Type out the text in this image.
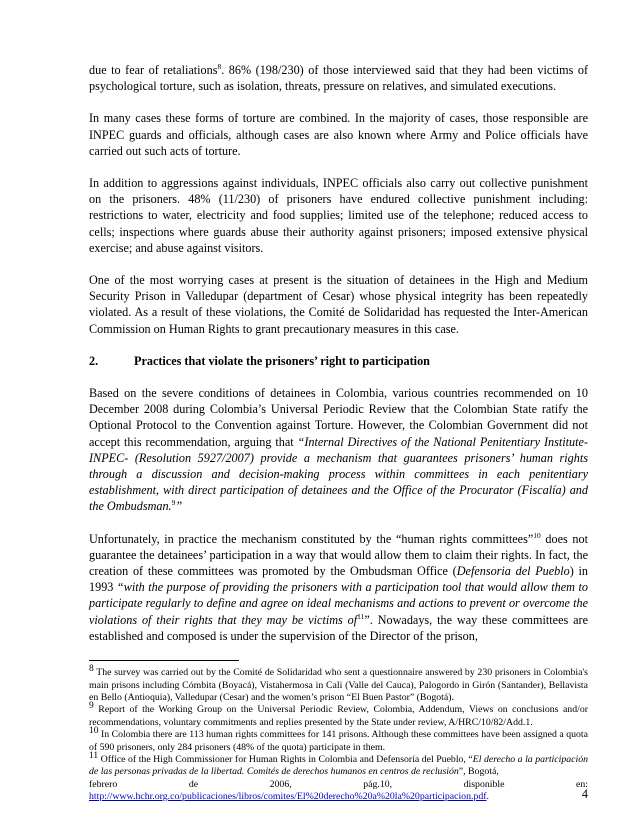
due to fear of retaliations$^8$. 86% (198/230) of those interviewed said that they had been victims of psychological torture, such as isolation, threats, pressure on relatives, and simulated executions.

In many cases these forms of torture are combined. In the majority of cases, those responsible are INPEC guards and officials, although cases are also known where Army and Police officials have carried out such acts of torture.

In addition to aggressions against individuals, INPEC officials also carry out collective punishment on the prisoners. 48% (11/230) of prisoners have endured collective punishment including: restrictions to water, electricity and food supplies; limited use of the telephone; reduced access to cells; inspections where guards abuse their authority against prisoners; imposed extensive physical exercise; and abuse against visitors.

One of the most worrying cases at present is the situation of detainees in the High and Medium Security Prison in Valledupar (department of Cesar) whose physical integrity has been repeatedly violated. As a result of these violations, the Comité de Solidaridad has requested the Inter-American Commission on Human Rights to grant precautionary measures in this case.

2.	Practices that violate the prisoners’ right to participation

Based on the severe conditions of detainees in Colombia, various countries recommended on 10 December 2008 during Colombia’s Universal Periodic Review that the Colombian State ratify the Optional Protocol to the Convention against Torture. However, the Colombian Government did not accept this recommendation, arguing that “Internal Directives of the National Penitentiary Institute-INPEC- (Resolution 5927/2007) provide a mechanism that guarantees prisoners’ human rights through a discussion and decision-making process within committees in each penitentiary establishment, with direct participation of detainees and the Office of the Procurator (Fiscalía) and the Ombudsman.$^9$”

Unfortunately, in practice the mechanism constituted by the “human rights committees”$^{10}$ does not guarantee the detainees’ participation in a way that would allow them to claim their rights. In fact, the creation of these committees was promoted by the Ombudsman Office (Defensoria del Pueblo) in 1993 “with the purpose of providing the prisoners with a participation tool that would allow them to participate regularly to define and agree on ideal mechanisms and actions to prevent or overcome the violations of their rights that they may be victims $of^{11}$”. Nowadays, the way these committees are established and composed is under the supervision of the Director of the prison,

$^8$ The survey was carried out by the Comité de Solidaridad who sent a questionnaire answered by 230 prisoners in Colombia's main prisons including Cómbita (Boyacá), Vistahermosa in Cali (Valle del Cauca), Palogordo in Girón (Santander), Bellavista en Bello (Antioquia), Valledupar (Cesar) and the women’s prison “El Buen Pastor” (Bogotá).

$^9$ Report of the Working Group on the Universal Periodic Review, Colombia, Addendum, Views on conclusions and/or recommendations, voluntary commitments and replies presented by the State under review, A/HRC/10/82/Add.1.

$^{10}$ In Colombia there are 113 human rights committees for 141 prisons. Although these committees have been assigned a quota of 590 prisoners, only 284 prisoners (48% of the quota) participate in them.

$^{11}$ Office of the High Commissioner for Human Rights in Colombia and Defensoría del Pueblo, “El derecho a la participación de las personas privadas de la libertad. Comités de derechos humanos en centros de reclusión”, Bogotá,

febrero	de	2006,	pág.10,	disponible	en:

http://www.hchr.org.co/publicaciones/libros/comites/El%20derecho%20a%20la%20participacion.pdf.	4
